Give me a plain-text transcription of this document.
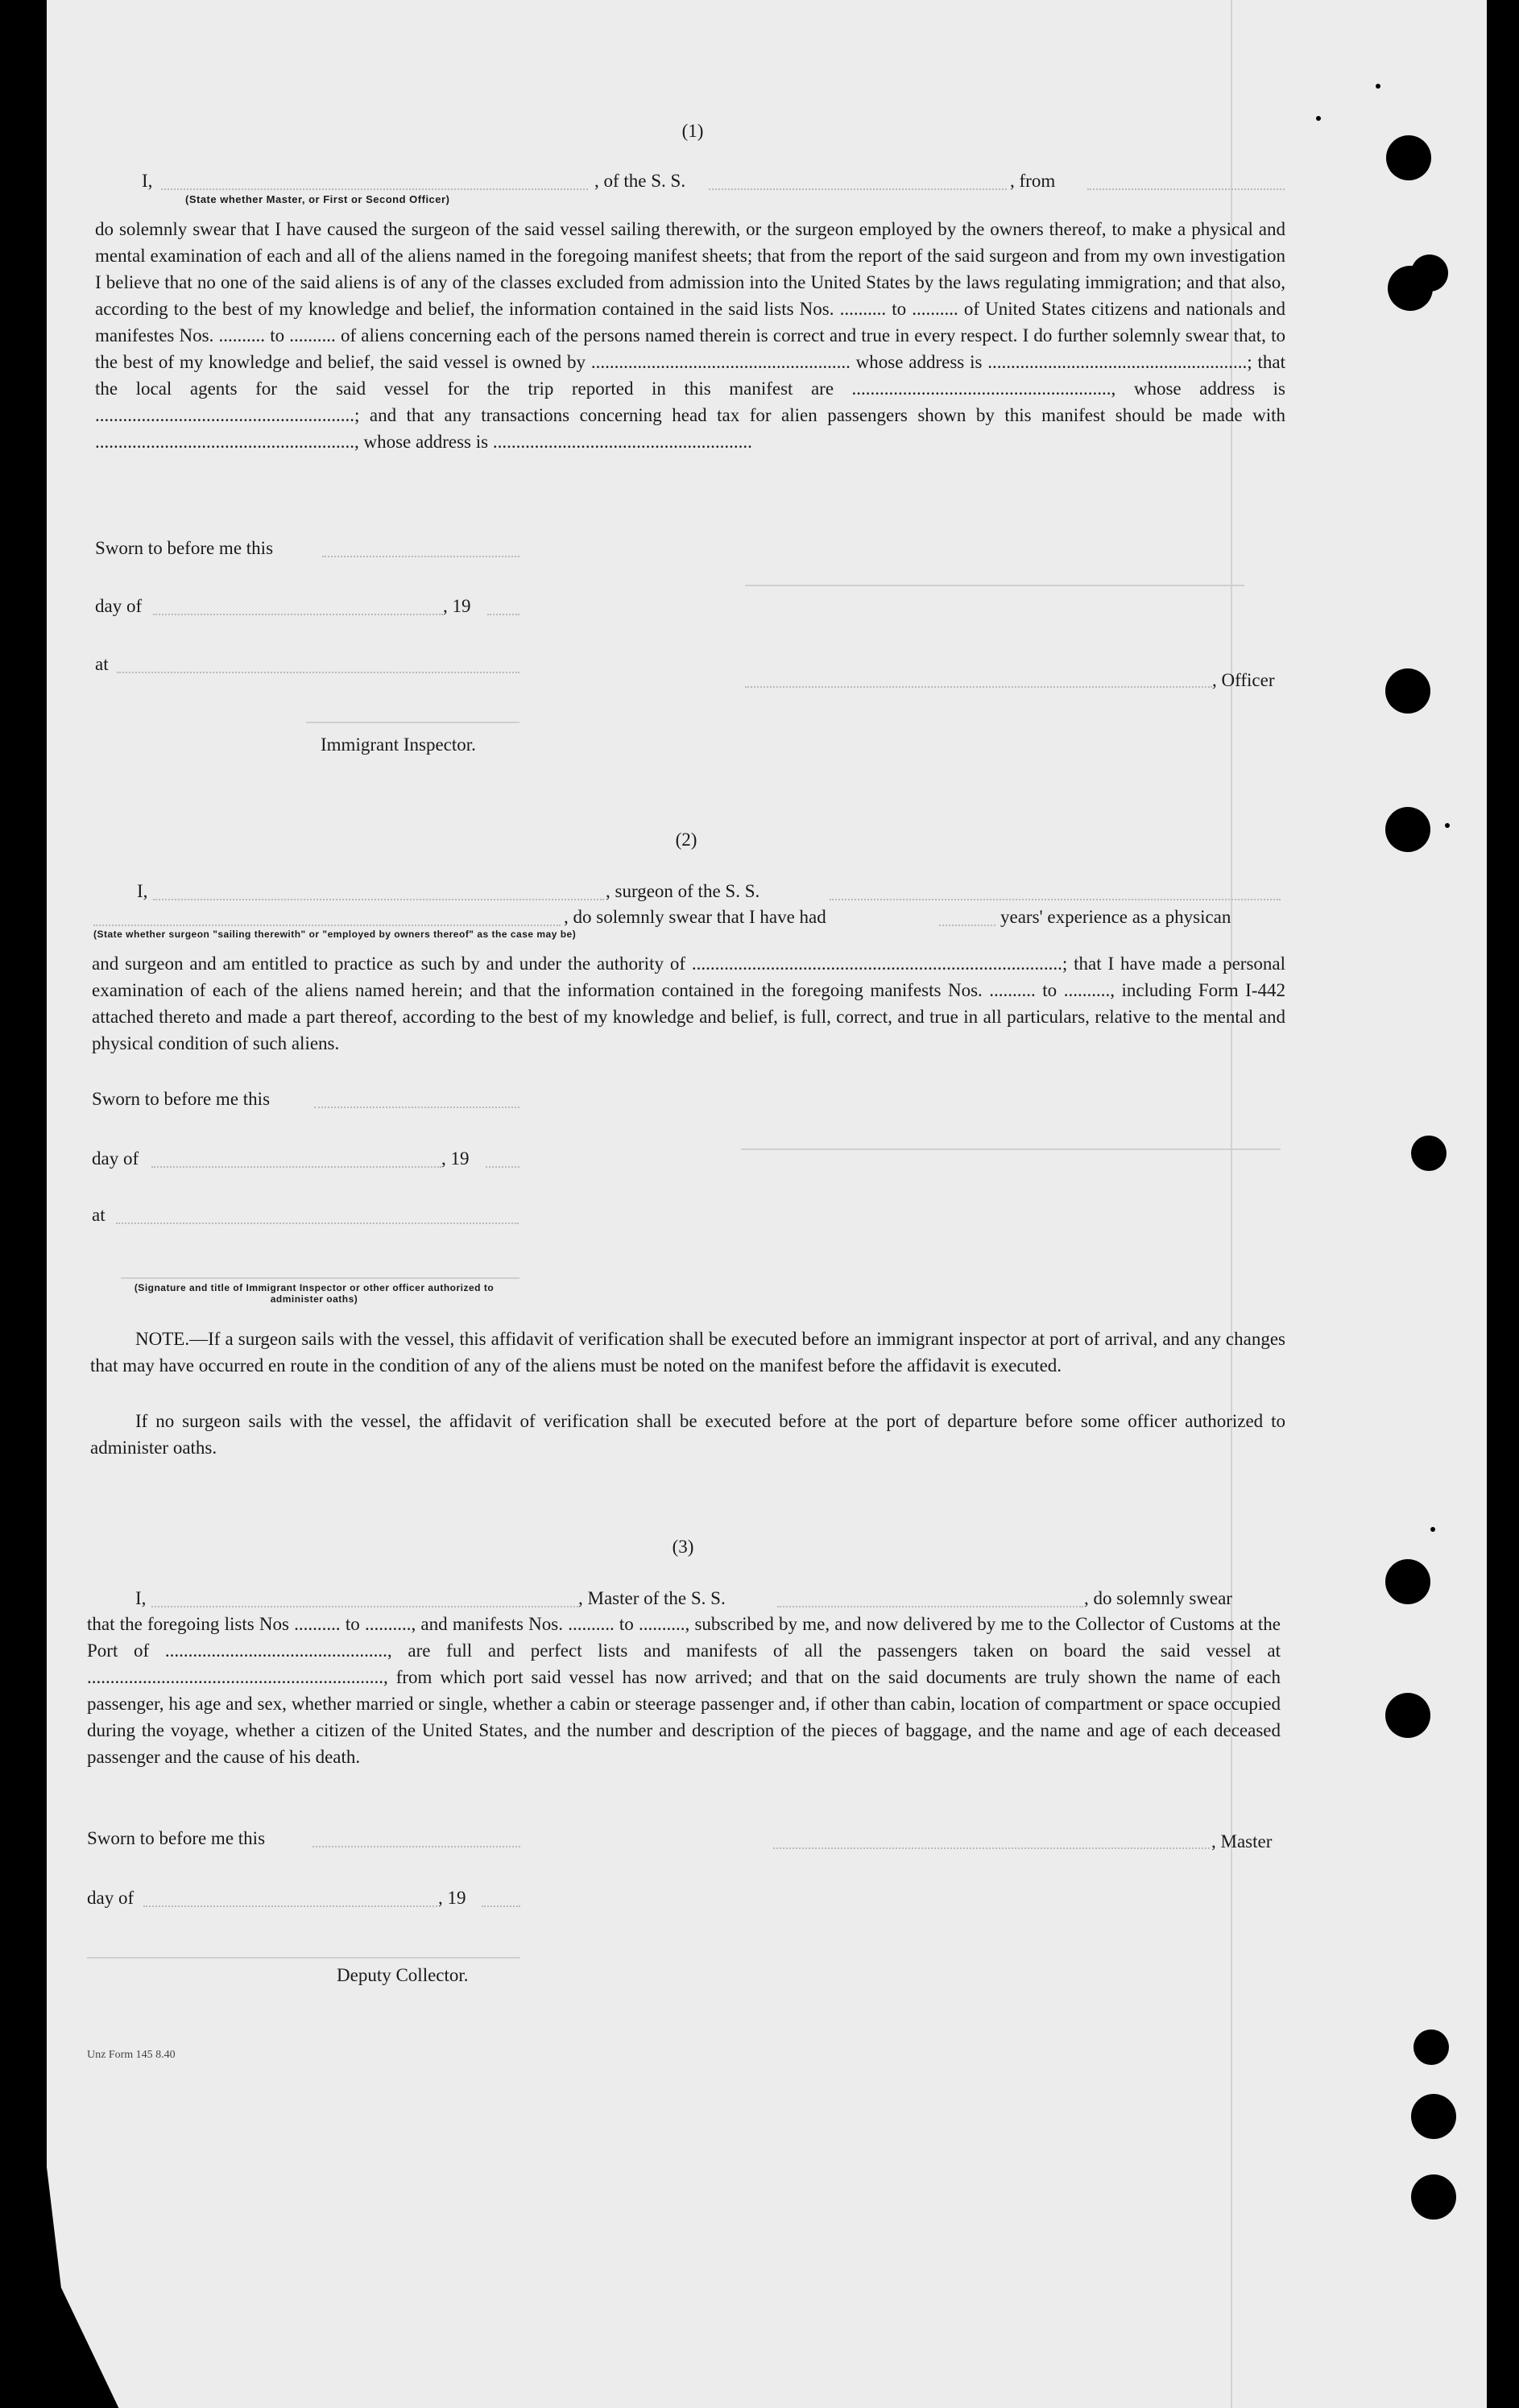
(1)
I,	, of the S. S.	, from
(State whether Master, or First or Second Officer)
do solemnly swear that I have caused the surgeon of the said vessel sailing therewith, or the surgeon employed by the owners thereof, to make a physical and mental examination of each and all of the aliens named in the foregoing manifest sheets; that from the report of the said surgeon and from my own investigation I believe that no one of the said aliens is of any of the classes excluded from admission into the United States by the laws regulating immigration; and that also, according to the best of my knowledge and belief, the information contained in the said lists Nos. .......... to .......... of United States citizens and nationals and manifestes Nos. .......... to .......... of aliens concerning each of the persons named therein is correct and true in every respect. I do further solemnly swear that, to the best of my knowledge and belief, the said vessel is owned by ........................................................ whose address is ........................................................; that the local agents for the said vessel for the trip reported in this manifest are ........................................................, whose address is ........................................................; and that any transactions concerning head tax for alien passengers shown by this manifest should be made with ........................................................, whose address is ........................................................
Sworn to before me this
day of	, 19
at
, Officer
Immigrant Inspector.
(2)
I,	, surgeon of the S. S.
, do solemnly swear that I have had	years' experience as a physican
(State whether surgeon "sailing therewith" or "employed by owners thereof" as the case may be)
and surgeon and am entitled to practice as such by and under the authority of ................................................................................; that I have made a personal examination of each of the aliens named herein; and that the information contained in the foregoing manifests Nos. .......... to .........., including Form I-442 attached thereto and made a part thereof, according to the best of my knowledge and belief, is full, correct, and true in all particulars, relative to the mental and physical condition of such aliens.
Sworn to before me this
day of	, 19
at
(Signature and title of Immigrant Inspector or other officer authorized to administer oaths)
NOTE.—If a surgeon sails with the vessel, this affidavit of verification shall be executed before an immigrant inspector at port of arrival, and any changes that may have occurred en route in the condition of any of the aliens must be noted on the manifest before the affidavit is executed.
If no surgeon sails with the vessel, the affidavit of verification shall be executed before at the port of departure before some officer authorized to administer oaths.
(3)
I,	, Master of the S. S.	, do solemnly swear
that the foregoing lists Nos .......... to .........., and manifests Nos. .......... to .........., subscribed by me, and now delivered by me to the Collector of Customs at the Port of ................................................, are full and perfect lists and manifests of all the passengers taken on board the said vessel at ................................................................, from which port said vessel has now arrived; and that on the said documents are truly shown the name of each passenger, his age and sex, whether married or single, whether a cabin or steerage passenger and, if other than cabin, location of compartment or space occupied during the voyage, whether a citizen of the United States, and the number and description of the pieces of baggage, and the name and age of each deceased passenger and the cause of his death.
Sworn to before me this	, Master
day of	, 19
Deputy Collector.
Unz Form 145 8.40
